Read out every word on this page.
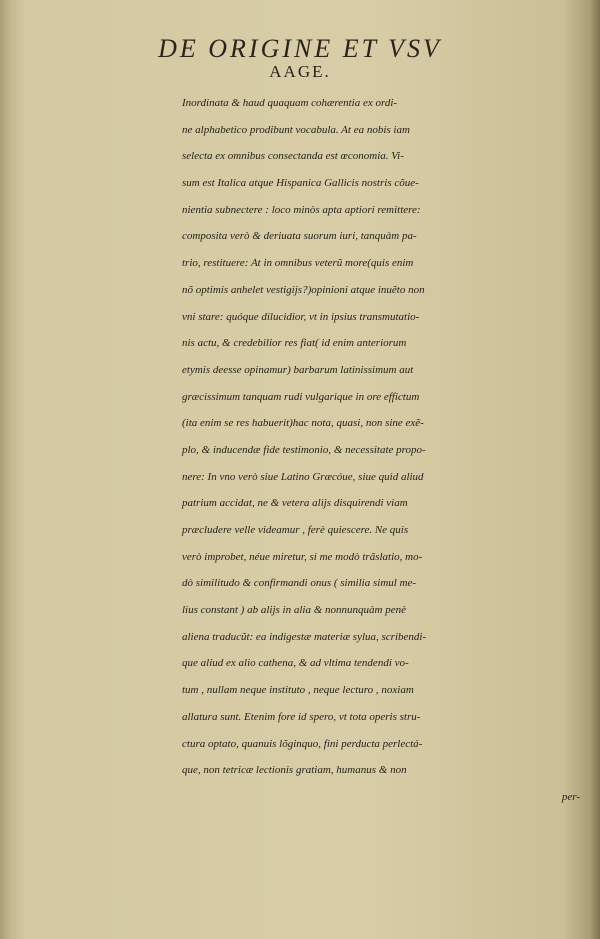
DE ORIGINE ET VSV
AAGE.
Inordinata & haud quaquam cohærentia ex ordi-
ne alphabetico prodibunt vocabula. At ea nobis iam
selecta ex omnibus consectanda est œconomia. Vi-
sum est Italica atque Hispanica Gallicis nostris cõue-
nientia subnectere : loco minòs apta aptiori remittere:
composita verò & deriuata suorum iuri, tanquàm pa-
trio, restituere: At in omnibus veterũ more(quis enim
nõ optimis anhelet vestigijs?)opinioni atque inuẽto non
vni stare: quóque dilucidior, vt in ipsius transmutatio-
nis actu, & credebilior res fiat( id enim anteriorum
etymis deesse opinamur) barbarum latinissimum aut
græcissimum tanquam rudi vulgarique in ore effictum
(ita enim se res habuerit)hac nota, quasi, non sine exẽ-
plo, & inducendæ fide testimonio, & necessitate propo-
nere: In vno verò siue Latino Græcóue, siue quid aliud
patrium accidat, ne & vetera alijs disquirendi viam
præcludere velle videamur , ferè quiescere. Ne quis
verò improbet, néue miretur, si me modò trãslatio, mo-
dò similitudo & confirmandi onus ( similia simul me-
lius constant ) ab alijs in alia & nonnunquàm penè
aliena traducũt: ea indigestæ materiæ sylua, scribendi-
que aliud ex alio cathena, & ad vltima tendendi vo-
tum , nullam neque instituto , neque lecturo , noxiam
allatura sunt. Etenim fore id spero, vt tota operis stru-
ctura optato, quanuis lõginquo, fini perducta perlectá-
que, non tetricæ lectionis gratiam, humanus & non
per-
